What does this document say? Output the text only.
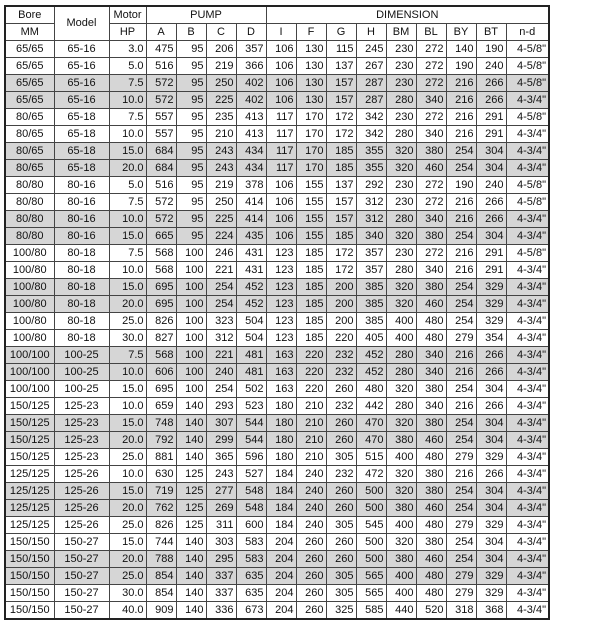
Bore	Model	Motor	PUMP				DIMENSION								
MM		HP	A	B	C	D	I	F	G	H	BM	BL	BY	BT	n-d
65/65	65-16	3.0	475	95	206	357	106	130	115	245	230	272	140	190	4-5/8"
65/65	65-16	5.0	516	95	219	366	106	130	137	267	230	272	190	240	4-5/8"
65/65	65-16	7.5	572	95	250	402	106	130	157	287	230	272	216	266	4-5/8"
65/65	65-16	10.0	572	95	225	402	106	130	157	287	280	340	216	266	4-3/4"
80/65	65-18	7.5	557	95	235	413	117	170	172	342	230	272	216	291	4-5/8"
80/65	65-18	10.0	557	95	210	413	117	170	172	342	280	340	216	291	4-3/4"
80/65	65-18	15.0	684	95	243	434	117	170	185	355	320	380	254	304	4-3/4"
80/65	65-18	20.0	684	95	243	434	117	170	185	355	320	460	254	304	4-3/4"
80/80	80-16	5.0	516	95	219	378	106	155	137	292	230	272	190	240	4-5/8"
80/80	80-16	7.5	572	95	250	414	106	155	157	312	230	272	216	266	4-5/8"
80/80	80-16	10.0	572	95	225	414	106	155	157	312	280	340	216	266	4-3/4"
80/80	80-16	15.0	665	95	224	435	106	155	185	340	320	380	254	304	4-3/4"
100/80	80-18	7.5	568	100	246	431	123	185	172	357	230	272	216	291	4-5/8"
100/80	80-18	10.0	568	100	221	431	123	185	172	357	280	340	216	291	4-3/4"
100/80	80-18	15.0	695	100	254	452	123	185	200	385	320	380	254	329	4-3/4"
100/80	80-18	20.0	695	100	254	452	123	185	200	385	320	460	254	329	4-3/4"
100/80	80-18	25.0	826	100	323	504	123	185	200	385	400	480	254	329	4-3/4"
100/80	80-18	30.0	827	100	312	504	123	185	220	405	400	480	279	354	4-3/4"
100/100	100-25	7.5	568	100	221	481	163	220	232	452	280	340	216	266	4-3/4"
100/100	100-25	10.0	606	100	240	481	163	220	232	452	280	340	216	266	4-3/4"
100/100	100-25	15.0	695	100	254	502	163	220	260	480	320	380	254	304	4-3/4"
150/125	125-23	10.0	659	140	293	523	180	210	232	442	280	340	216	266	4-3/4"
150/125	125-23	15.0	748	140	307	544	180	210	260	470	320	380	254	304	4-3/4"
150/125	125-23	20.0	792	140	299	544	180	210	260	470	380	460	254	304	4-3/4"
150/125	125-23	25.0	881	140	365	596	180	210	305	515	400	480	279	329	4-3/4"
125/125	125-26	10.0	630	125	243	527	184	240	232	472	320	380	216	266	4-3/4"
125/125	125-26	15.0	719	125	277	548	184	240	260	500	320	380	254	304	4-3/4"
125/125	125-26	20.0	762	125	269	548	184	240	260	500	380	460	254	304	4-3/4"
125/125	125-26	25.0	826	125	311	600	184	240	305	545	400	480	279	329	4-3/4"
150/150	150-27	15.0	744	140	303	583	204	260	260	500	320	380	254	304	4-3/4"
150/150	150-27	20.0	788	140	295	583	204	260	260	500	380	460	254	304	4-3/4"
150/150	150-27	25.0	854	140	337	635	204	260	305	565	400	480	279	329	4-3/4"
150/150	150-27	30.0	854	140	337	635	204	260	305	565	400	480	279	329	4-3/4"
150/150	150-27	40.0	909	140	336	673	204	260	325	585	440	520	318	368	4-3/4"
